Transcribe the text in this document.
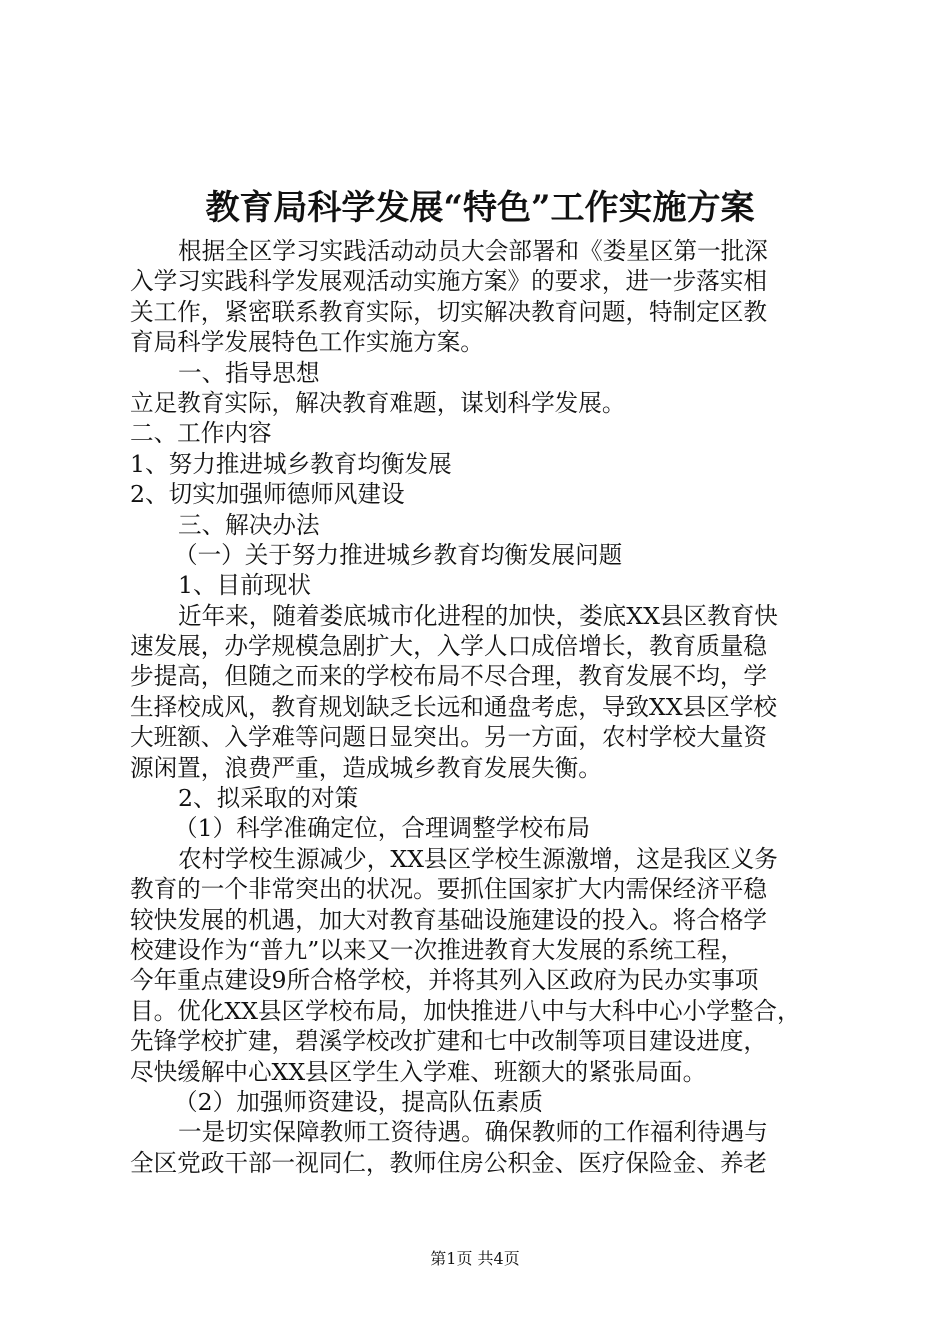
教育局科学发展“特色”工作实施方案
根据全区学习实践活动动员大会部署和《娄星区第一批深
入学习实践科学发展观活动实施方案》的要求，进一步落实相
关工作，紧密联系教育实际，切实解决教育问题，特制定区教
育局科学发展特色工作实施方案。
一、指导思想
立足教育实际，解决教育难题，谋划科学发展。
二、工作内容
1、努力推进城乡教育均衡发展
2、切实加强师德师风建设
三、解决办法
（一）关于努力推进城乡教育均衡发展问题
1、目前现状
近年来，随着娄底城市化进程的加快，娄底XX县区教育快
速发展，办学规模急剧扩大，入学人口成倍增长，教育质量稳
步提高，但随之而来的学校布局不尽合理，教育发展不均，学
生择校成风，教育规划缺乏长远和通盘考虑，导致XX县区学校
大班额、入学难等问题日显突出。另一方面，农村学校大量资
源闲置，浪费严重，造成城乡教育发展失衡。
2、拟采取的对策
（1）科学准确定位，合理调整学校布局
农村学校生源减少，XX县区学校生源激增，这是我区义务
教育的一个非常突出的状况。要抓住国家扩大内需保经济平稳
较快发展的机遇，加大对教育基础设施建设的投入。将合格学
校建设作为“普九”以来又一次推进教育大发展的系统工程，
今年重点建设9所合格学校，并将其列入区政府为民办实事项
目。优化XX县区学校布局，加快推进八中与大科中心小学整合，
先锋学校扩建，碧溪学校改扩建和七中改制等项目建设进度，
尽快缓解中心XX县区学生入学难、班额大的紧张局面。
（2）加强师资建设，提高队伍素质
一是切实保障教师工资待遇。确保教师的工作福利待遇与
全区党政干部一视同仁，教师住房公积金、医疗保险金、养老
第1页 共4页
